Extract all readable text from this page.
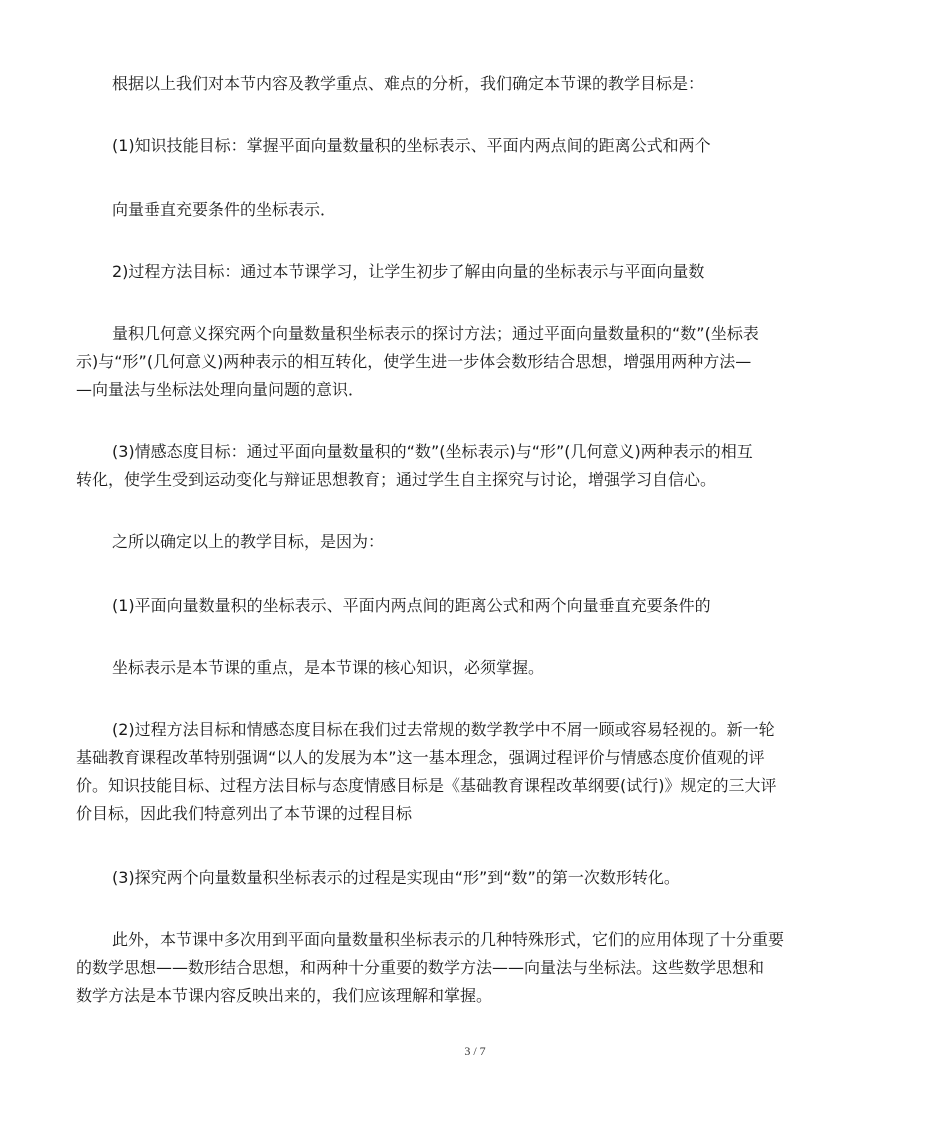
根据以上我们对本节内容及教学重点、难点的分析，我们确定本节课的教学目标是：

(1)知识技能目标：掌握平面向量数量积的坐标表示、平面内两点间的距离公式和两个

向量垂直充要条件的坐标表示．

2)过程方法目标：通过本节课学习，让学生初步了解由向量的坐标表示与平面向量数

量积几何意义探究两个向量数量积坐标表示的探讨方法；通过平面向量数量积的“数”(坐标表
示)与“形”(几何意义)两种表示的相互转化，使学生进一步体会数形结合思想，增强用两种方法—
—向量法与坐标法处理向量问题的意识．

(3)情感态度目标：通过平面向量数量积的“数”(坐标表示)与“形”(几何意义)两种表示的相互
转化，使学生受到运动变化与辩证思想教育；通过学生自主探究与讨论，增强学习自信心。

之所以确定以上的教学目标，是因为：

(1)平面向量数量积的坐标表示、平面内两点间的距离公式和两个向量垂直充要条件的

坐标表示是本节课的重点，是本节课的核心知识，必须掌握。

(2)过程方法目标和情感态度目标在我们过去常规的数学教学中不屑一顾或容易轻视的。新一轮
基础教育课程改革特别强调“以人的发展为本”这一基本理念，强调过程评价与情感态度价值观的评
价。知识技能目标、过程方法目标与态度情感目标是《基础教育课程改革纲要(试行)》规定的三大评
价目标，因此我们特意列出了本节课的过程目标

(3)探究两个向量数量积坐标表示的过程是实现由“形”到“数”的第一次数形转化。

此外，本节课中多次用到平面向量数量积坐标表示的几种特殊形式，它们的应用体现了十分重要
的数学思想——数形结合思想，和两种十分重要的数学方法——向量法与坐标法。这些数学思想和
数学方法是本节课内容反映出来的，我们应该理解和掌握。

3 / 7
